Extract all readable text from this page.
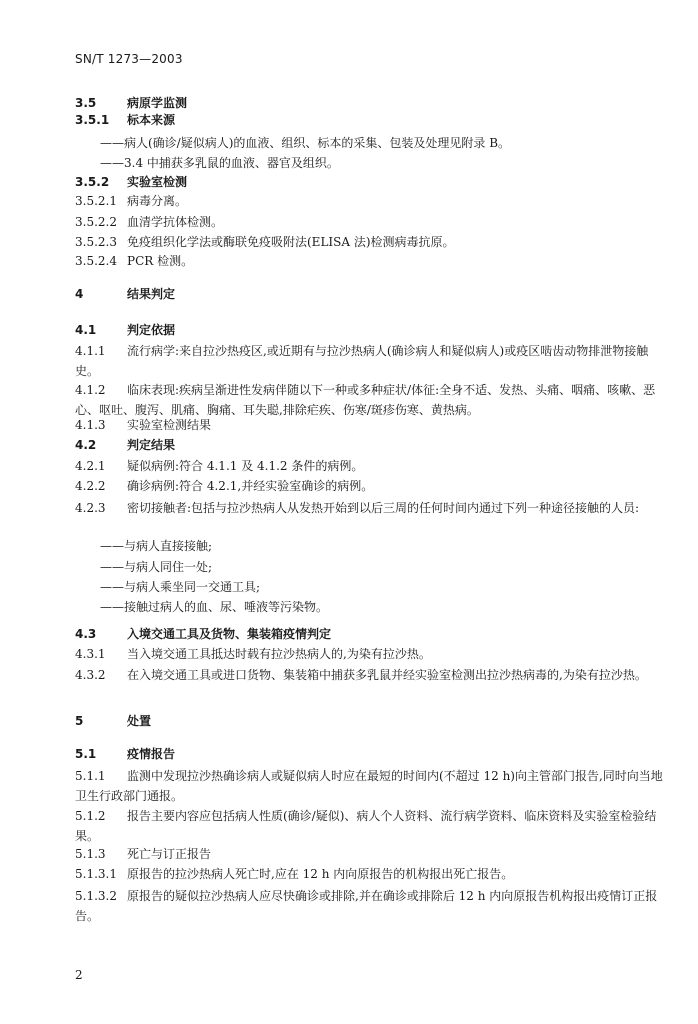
SN/T 1273—2003
3.5	病原学监测
3.5.1 标本来源
——病人(确诊/疑似病人)的血液、组织、标本的采集、包装及处理见附录 B。
——3.4 中捕获多乳鼠的血液、器官及组织。
3.5.2 实验室检测
3.5.2.1 病毒分离。
3.5.2.2 血清学抗体检测。
3.5.2.3 免疫组织化学法或酶联免疫吸附法(ELISA 法)检测病毒抗原。
3.5.2.4 PCR 检测。
4	结果判定
4.1	判定依据
4.1.1 流行病学:来自拉沙热疫区,或近期有与拉沙热病人(确诊病人和疑似病人)或疫区啮齿动物排泄物接触史。
4.1.2 临床表现:疾病呈渐进性发病伴随以下一种或多种症状/体征:全身不适、发热、头痛、咽痛、咳嗽、恶心、呕吐、腹泻、肌痛、胸痛、耳失聪,排除疟疾、伤寒/斑疹伤寒、黄热病。
4.1.3 实验室检测结果
4.2	判定结果
4.2.1 疑似病例:符合 4.1.1 及 4.1.2 条件的病例。
4.2.2 确诊病例:符合 4.2.1,并经实验室确诊的病例。
4.2.3 密切接触者:包括与拉沙热病人从发热开始到以后三周的任何时间内通过下列一种途径接触的人员:
——与病人直接接触;
——与病人同住一处;
——与病人乘坐同一交通工具;
——接触过病人的血、尿、唾液等污染物。
4.3	入境交通工具及货物、集装箱疫情判定
4.3.1 当入境交通工具抵达时载有拉沙热病人的,为染有拉沙热。
4.3.2 在入境交通工具或进口货物、集装箱中捕获多乳鼠并经实验室检测出拉沙热病毒的,为染有拉沙热。
5	处置
5.1	疫情报告
5.1.1 监测中发现拉沙热确诊病人或疑似病人时应在最短的时间内(不超过 12 h)向主管部门报告,同时向当地卫生行政部门通报。
5.1.2 报告主要内容应包括病人性质(确诊/疑似)、病人个人资料、流行病学资料、临床资料及实验室检验结果。
5.1.3 死亡与订正报告
5.1.3.1 原报告的拉沙热病人死亡时,应在 12 h 内向原报告的机构报出死亡报告。
5.1.3.2 原报告的疑似拉沙热病人应尽快确诊或排除,并在确诊或排除后 12 h 内向原报告机构报出疫情订正报告。
2
